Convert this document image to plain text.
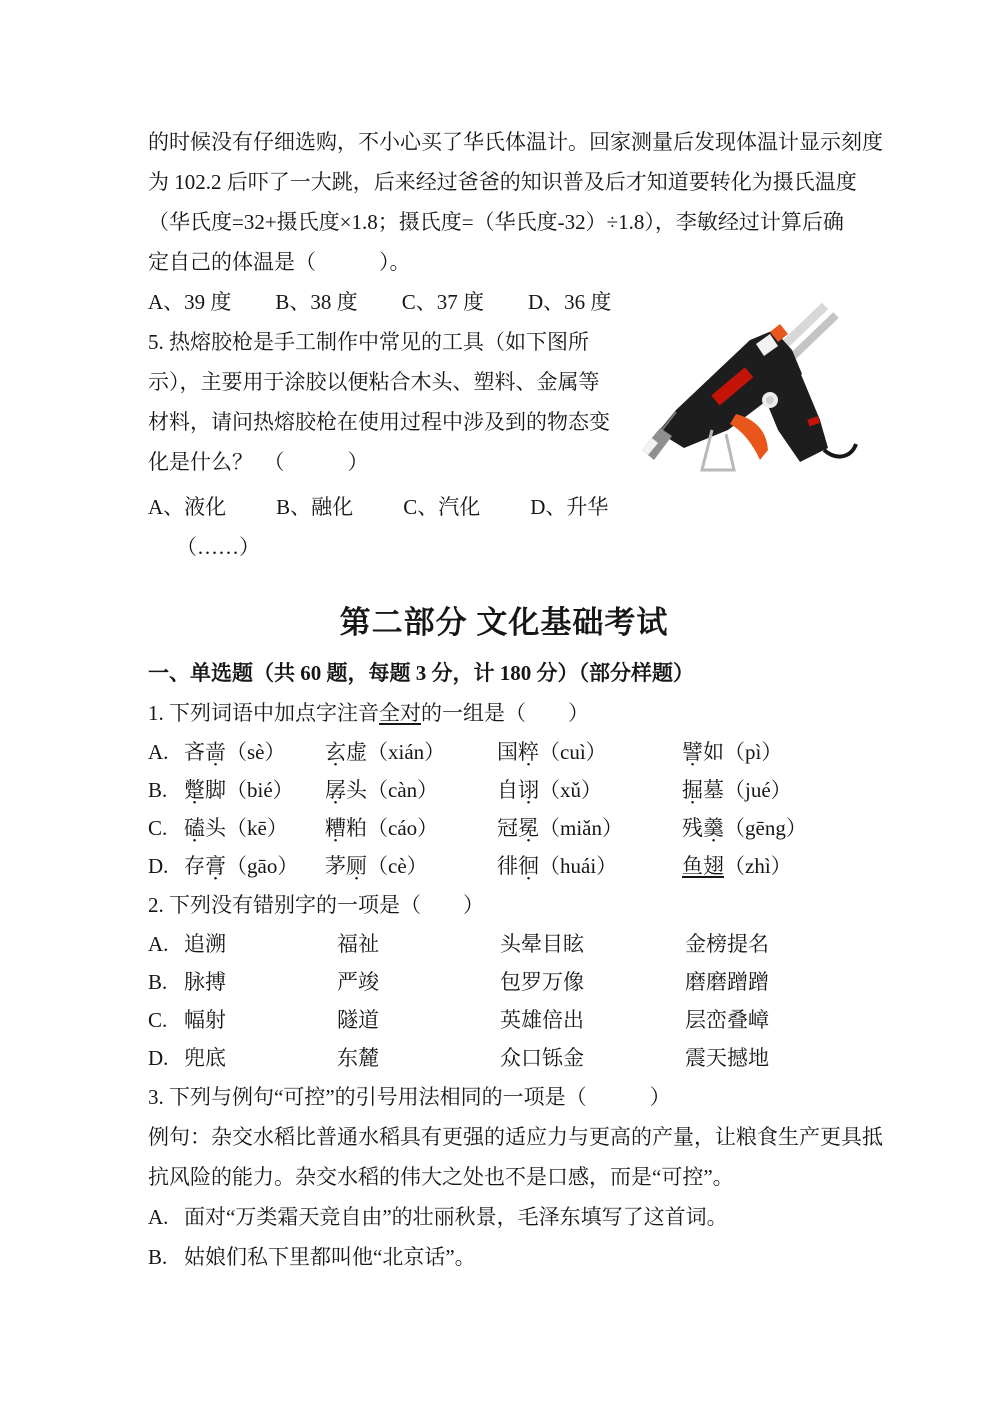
的时候没有仔细选购，不小心买了华氏体温计。回家测量后发现体温计显示刻度
为 102.2 后吓了一大跳，后来经过爸爸的知识普及后才知道要转化为摄氏温度
（华氏度=32+摄氏度×1.8；摄氏度=（华氏度-32）÷1.8），李敏经过计算后确
定自己的体温是（　　　）。
A、39 度 B、38 度 C、37 度 D、36 度
5. 热熔胶枪是手工制作中常见的工具（如下图所
示），主要用于涂胶以便粘合木头、塑料、金属等
材料，请问热熔胶枪在使用过程中涉及到的物态变
化是什么？　（　　　）
A、液化 B、融化 C、汽化 D、升华
（……）
第二部分 文化基础考试
一、单选题（共 60 题，每题 3 分，计 180 分）（部分样题）
1. 下列词语中加点字注音全对的一组是（　　）
A. 吝啬（sè）	玄虚（xián）	国粹（cuì）	譬如（pì）
B. 蹩脚（bié）	孱头（càn）	自诩（xǔ）	掘墓（jué）
C. 磕头（kē）	糟粕（cáo）	冠冕（miǎn）	残羹（gēng）
D. 存膏（gāo）	茅厕（cè）	徘徊（huái）	鱼翅（zhì）
2. 下列没有错别字的一项是（　　）
A. 追溯	福祉	头晕目眩	金榜提名
B. 脉搏	严竣	包罗万像	磨磨蹭蹭
C. 幅射	隧道	英雄倍出	层峦叠嶂
D. 兜底	东麓	众口铄金	震天撼地
3. 下列与例句“可控”的引号用法相同的一项是（　　　）
例句：杂交水稻比普通水稻具有更强的适应力与更高的产量，让粮食生产更具抵
抗风险的能力。杂交水稻的伟大之处也不是口感，而是“可控”。
A. 面对“万类霜天竞自由”的壮丽秋景，毛泽东填写了这首词。
B. 姑娘们私下里都叫他“北京话”。
